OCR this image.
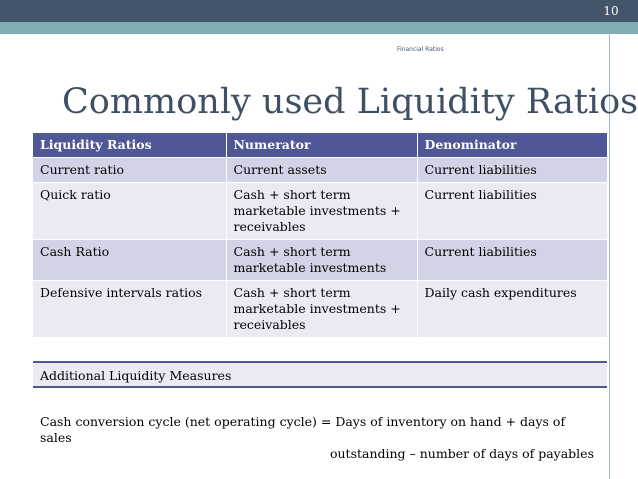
10
Financial Ratios
Commonly used Liquidity Ratios
Liquidity Ratios	Numerator	Denominator
Current ratio	Current assets	Current liabilities
Quick ratio	Cash + short term marketable investments + receivables	Current liabilities
Cash Ratio	Cash + short term marketable investments	Current liabilities
Defensive intervals ratios	Cash + short term marketable investments + receivables	Daily cash expenditures
Additional Liquidity Measures
Cash conversion cycle (net operating cycle) = Days of inventory on hand + days of sales
outstanding – number of days of payables
